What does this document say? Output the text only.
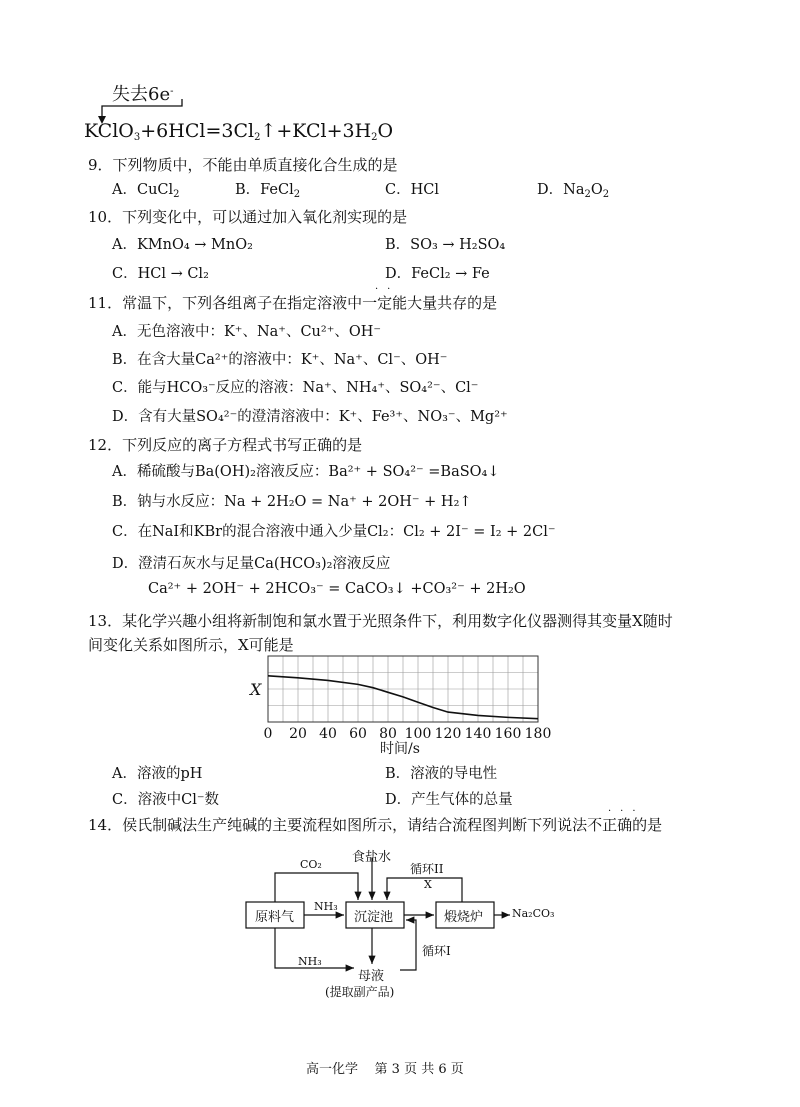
失去6e-
$KClO_3+6HCl=3Cl_2↑+KCl+3H_2O$
9．下列物质中，不能由单质直接化合生成的是
A．CuCl$_2$	B．FeCl$_2$	C．HCl	D．$Na_2O_2$
10．下列变化中，可以通过加入氧化剂实现的是
A．KMnO₄ → MnO₂	B．SO₃ → H₂SO₄
C．HCl → Cl₂	D．FeCl₂ → Fe
11．常温下，下列各组离子在指定溶液中一定能大量共存的是
··
A．无色溶液中：K⁺、Na⁺、Cu²⁺、OH⁻
B．在含大量Ca²⁺的溶液中：K⁺、Na⁺、Cl⁻、OH⁻
C．能与HCO₃⁻反应的溶液：Na⁺、NH₄⁺、SO₄²⁻、Cl⁻
D．含有大量SO₄²⁻的澄清溶液中：K⁺、Fe³⁺、NO₃⁻、Mg²⁺
12．下列反应的离子方程式书写正确的是
A．稀硫酸与Ba(OH)₂溶液反应：Ba²⁺ + SO₄²⁻ =BaSO₄↓
B．钠与水反应：Na + 2H₂O = Na⁺ + 2OH⁻ + H₂↑
C．在NaI和KBr的混合溶液中通入少量Cl₂：Cl₂ + 2I⁻ = I₂ + 2Cl⁻
D．澄清石灰水与足量Ca(HCO₃)₂溶液反应
Ca²⁺ + 2OH⁻ + 2HCO₃⁻ = CaCO₃↓ +CO₃²⁻ + 2H₂O
13．某化学兴趣小组将新制饱和氯水置于光照条件下，利用数字化仪器测得其变量X随时
间变化关系如图所示，X可能是
0 20 40 60 80 100 120 140 160 180
X
时间/s
A．溶液的pH	B．溶液的导电性
C．溶液中Cl⁻数	D．产生气体的总量
14．侯氏制碱法生产纯碱的主要流程如图所示，请结合流程图判断下列说法不正确的是
···
原料气	沉淀池	煅烧炉	Na₂CO₃
CO₂ 食盐水
循环II
X
NH₃
NH₃
循环I
母液
(提取副产品)
高一化学    第 3 页 共 6 页
